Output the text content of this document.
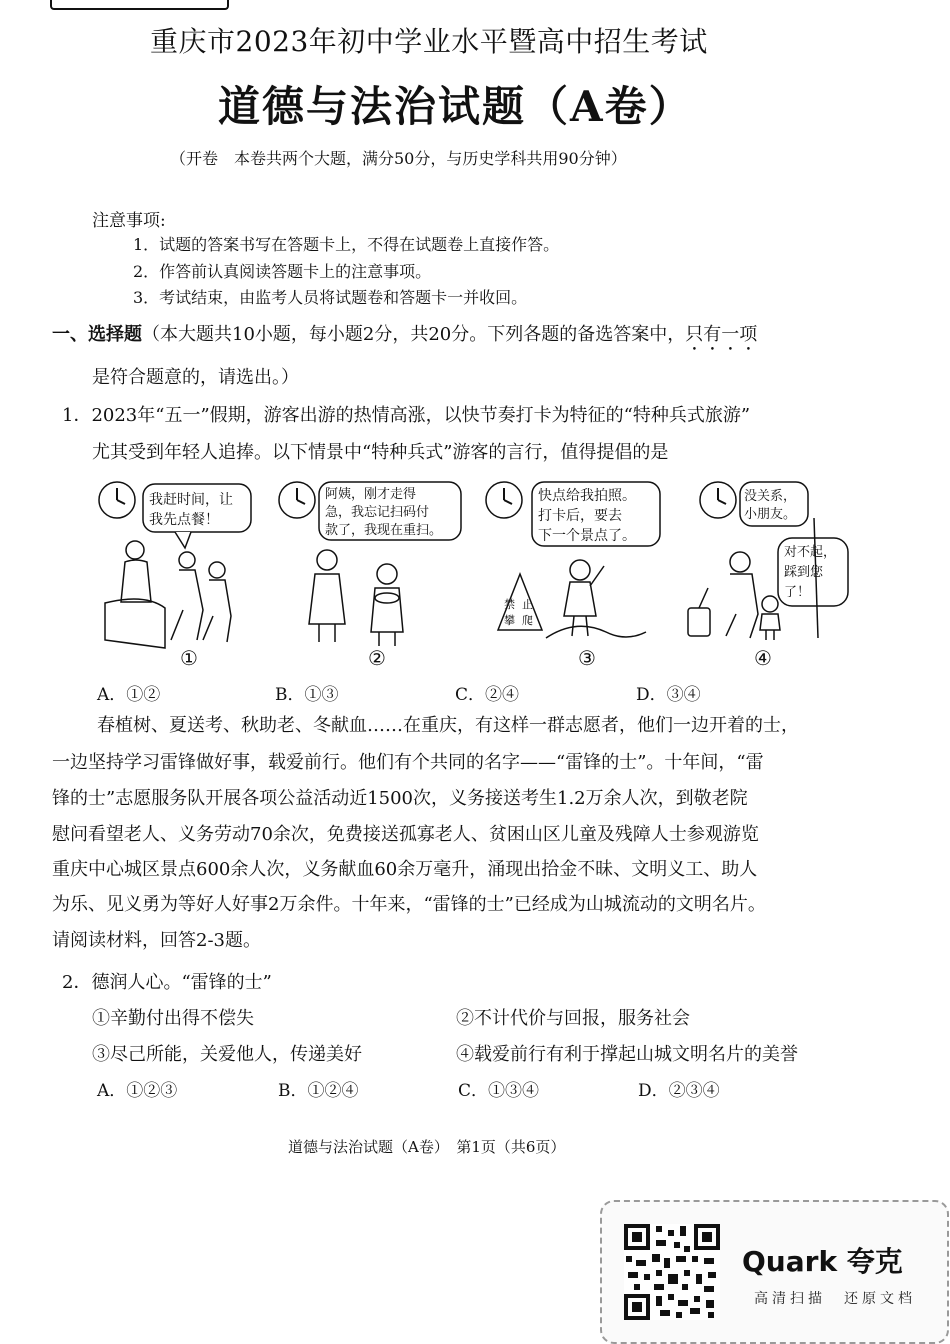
重庆市2023年初中学业水平暨高中招生考试
道德与法治试题（A卷）
（开卷　本卷共两个大题，满分50分，与历史学科共用90分钟）
注意事项:
1．试题的答案书写在答题卡上，不得在试题卷上直接作答。
2．作答前认真阅读答题卡上的注意事项。
3．考试结束，由监考人员将试题卷和答题卡一并收回。
一、选择题（本大题共10小题，每小题2分，共20分。下列各题的备选答案中，只有一项
是符合题意的，请选出。）
1．2023年“五一”假期，游客出游的热情高涨，以快节奏打卡为特征的“特种兵式旅游”
尤其受到年轻人追捧。以下情景中“特种兵式”游客的言行，值得提倡的是
我赶时间，让
我先点餐！
①
阿姨，刚才走得
急，我忘记扫码付
款了，我现在重扫。
②
快点给我拍照。
打卡后，要去
下一个景点了。
禁 止
攀 爬
③
没关系，
小朋友。
对不起，
踩到您
了！
④
A．①②	B．①③	C．②④	D．③④
春植树、夏送考、秋助老、冬献血……在重庆，有这样一群志愿者，他们一边开着的士，
一边坚持学习雷锋做好事，载爱前行。他们有个共同的名字——“雷锋的士”。十年间，“雷
锋的士”志愿服务队开展各项公益活动近1500次，义务接送考生1.2万余人次，到敬老院
慰问看望老人、义务劳动70余次，免费接送孤寡老人、贫困山区儿童及残障人士参观游览
重庆中心城区景点600余人次，义务献血60余万毫升，涌现出拾金不昧、文明义工、助人
为乐、见义勇为等好人好事2万余件。十年来，“雷锋的士”已经成为山城流动的文明名片。
请阅读材料，回答2-3题。
2．德润人心。“雷锋的士”
①辛勤付出得不偿失	②不计代价与回报，服务社会
③尽己所能，关爱他人，传递美好	④载爱前行有利于撑起山城文明名片的美誉
A．①②③	B．①②④	C．①③④	D．②③④
道德与法治试题（A卷）　第1页（共6页）
Quark 夸克
高清扫描　还原文档
